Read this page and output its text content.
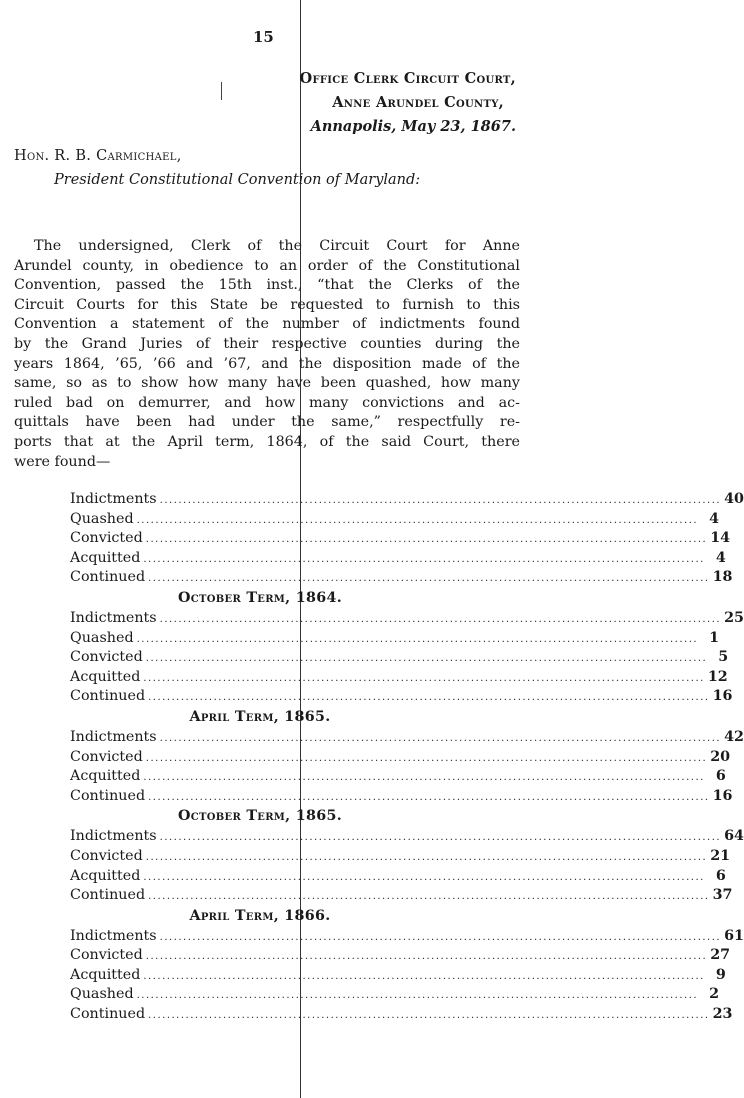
15
Office Clerk Circuit Court,
Anne Arundel County,
Annapolis, May 23, 1867.
Hon. R. B. Carmichael,
President Constitutional Convention of Maryland:
The undersigned, Clerk of the Circuit Court for Anne
Arundel county, in obedience to an order of the Constitutional
Convention, passed the 15th inst., “that the Clerks of the
Circuit Courts for this State be requested to furnish to this
Convention a statement of the number of indictments found
by the Grand Juries of their respective counties during the
years 1864, ’65, ’66 and ’67, and the disposition made of the
same, so as to show how many have been quashed, how many
ruled bad on demurrer, and how many convictions and ac-
quittals have been had under the same,” respectfully re-
ports that at the April term, 1864, of the said Court, there
were found—
Indictments ........................................................................................................................ 40
Quashed ........................................................................................................................ 4
Convicted ........................................................................................................................ 14
Acquitted ........................................................................................................................ 4
Continued ........................................................................................................................ 18
October Term, 1864.
Indictments ........................................................................................................................ 25
Quashed ........................................................................................................................ 1
Convicted ........................................................................................................................ 5
Acquitted ........................................................................................................................ 12
Continued ........................................................................................................................ 16
April Term, 1865.
Indictments ........................................................................................................................ 42
Convicted ........................................................................................................................ 20
Acquitted ........................................................................................................................ 6
Continued ........................................................................................................................ 16
October Term, 1865.
Indictments ........................................................................................................................ 64
Convicted ........................................................................................................................ 21
Acquitted ........................................................................................................................ 6
Continued ........................................................................................................................ 37
April Term, 1866.
Indictments ........................................................................................................................ 61
Convicted ........................................................................................................................ 27
Acquitted ........................................................................................................................ 9
Quashed ........................................................................................................................ 2
Continued ........................................................................................................................ 23
